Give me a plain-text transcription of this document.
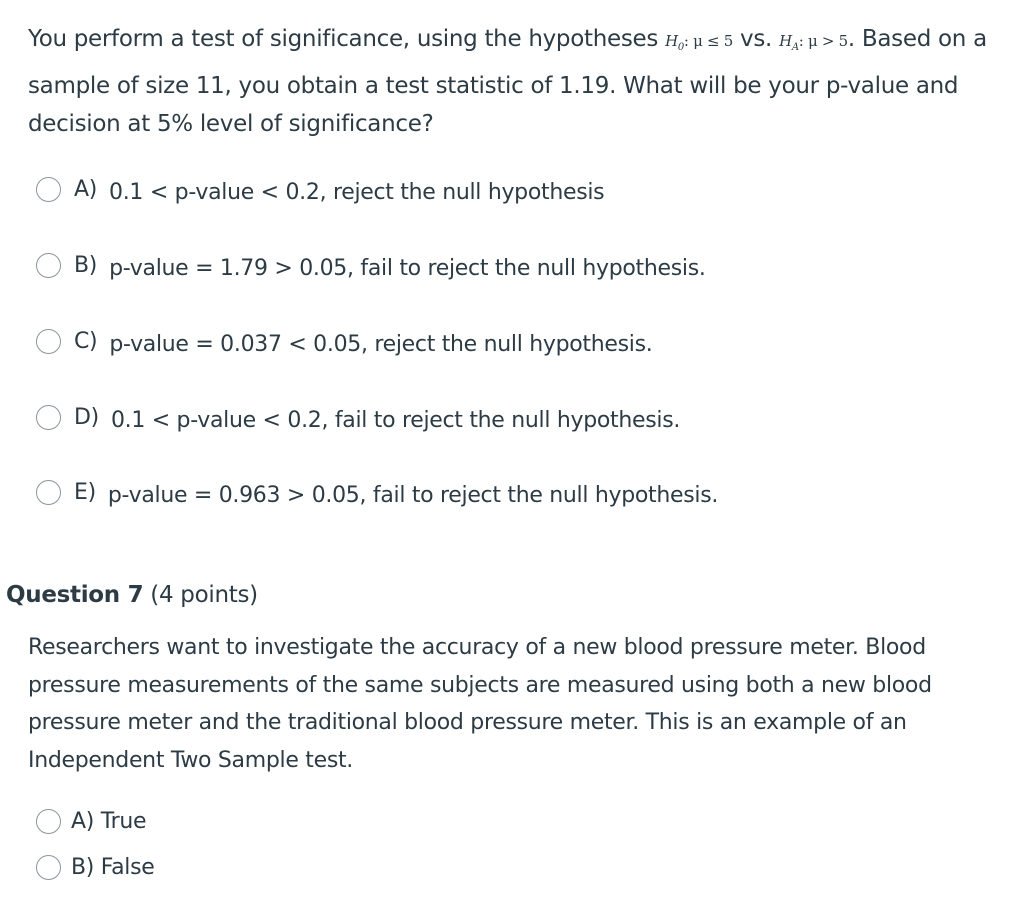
You perform a test of significance, using the hypotheses $H_0$: μ ≤ 5 vs. $H_A$: μ > 5. Based on a sample of size 11, you obtain a test statistic of 1.19. What will be your p-value and decision at 5% level of significance?
A) 0.1 < p-value < 0.2, reject the null hypothesis
B) p-value = 1.79 > 0.05, fail to reject the null hypothesis.
C) p-value = 0.037 < 0.05, reject the null hypothesis.
D) 0.1 < p-value < 0.2, fail to reject the null hypothesis.
E) p-value = 0.963 > 0.05, fail to reject the null hypothesis.
Question 7 (4 points)
Researchers want to investigate the accuracy of a new blood pressure meter. Blood pressure measurements of the same subjects are measured using both a new blood pressure meter and the traditional blood pressure meter. This is an example of an Independent Two Sample test.
A) True
B) False
